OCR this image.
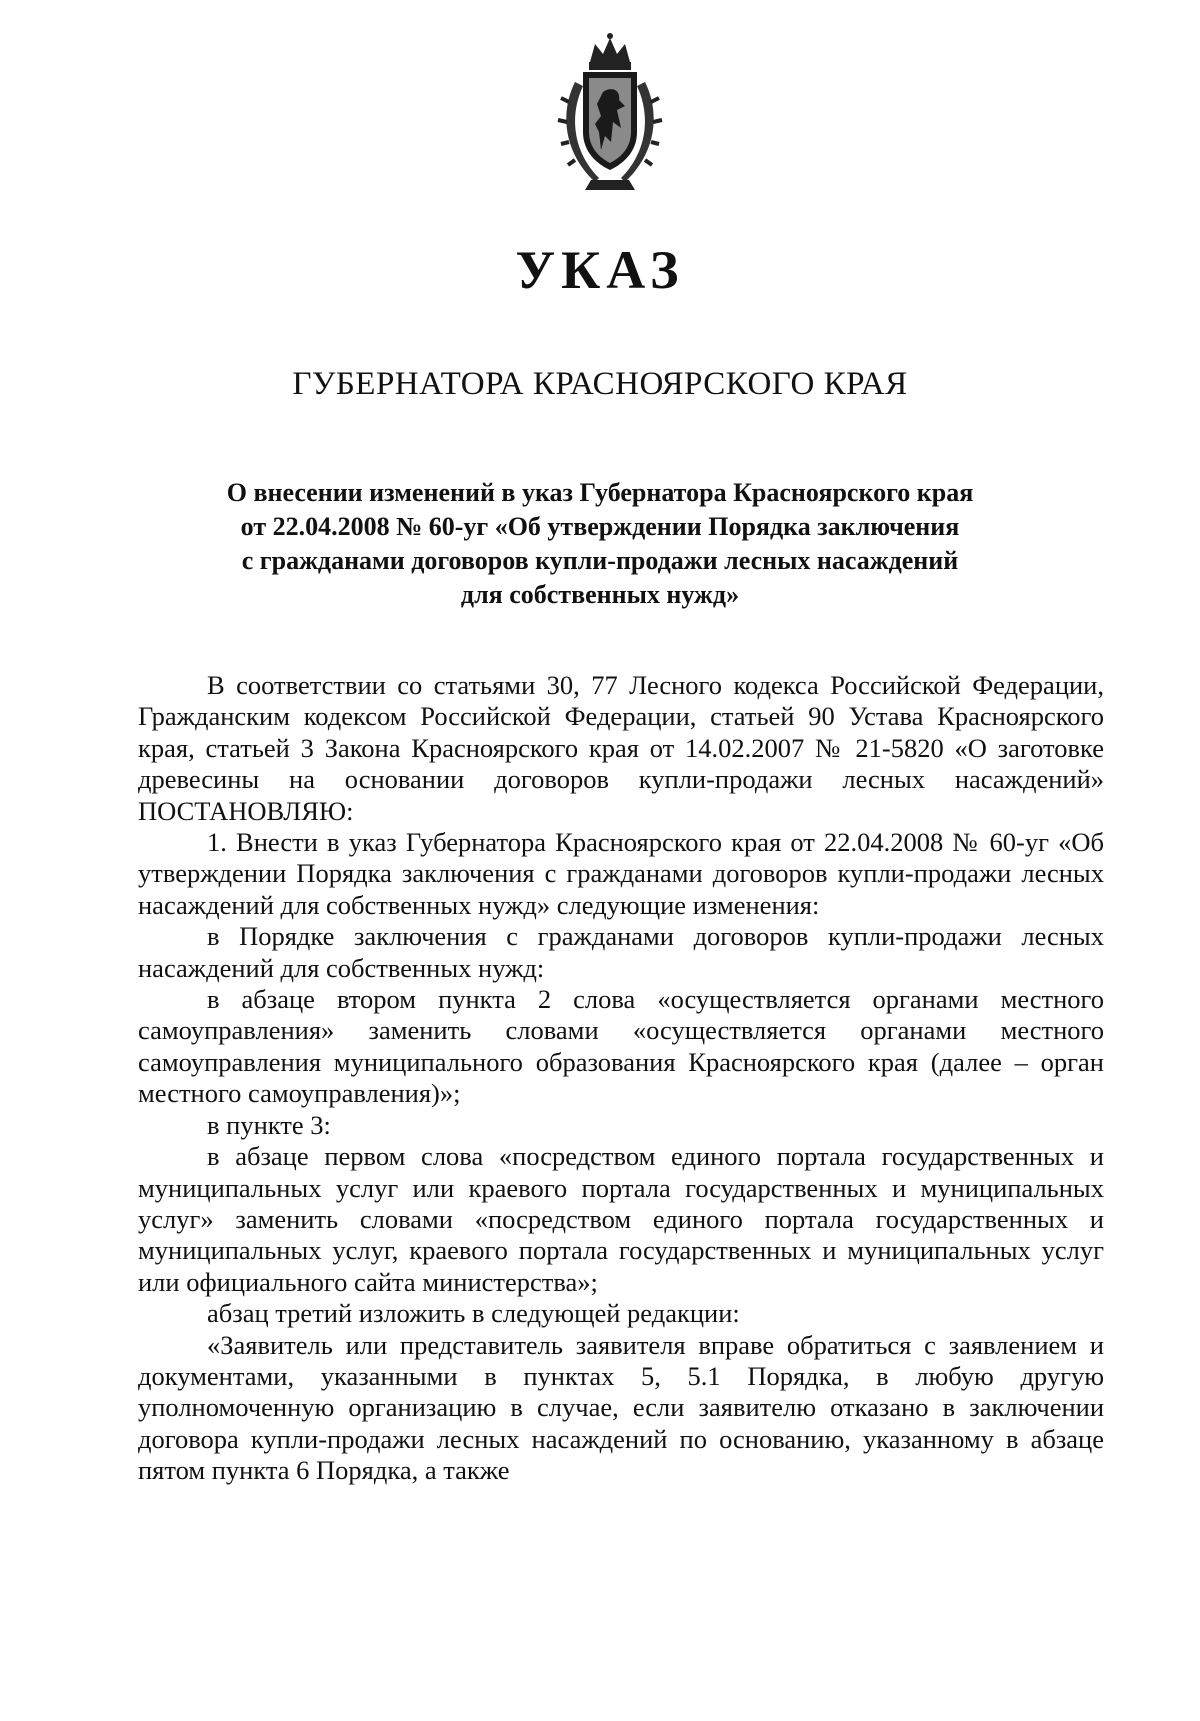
УКАЗ
ГУБЕРНАТОРА КРАСНОЯРСКОГО КРАЯ
О внесении изменений в указ Губернатора Красноярского края
от 22.04.2008 № 60-уг «Об утверждении Порядка заключения
с гражданами договоров купли-продажи лесных насаждений
для собственных нужд»

В соответствии со статьями 30, 77 Лесного кодекса Российской Федерации, Гражданским кодексом Российской Федерации, статьей 90 Устава Красноярского края, статьей 3 Закона Красноярского края от 14.02.2007 № 21-5820 «О заготовке древесины на основании договоров купли-продажи лесных насаждений» ПОСТАНОВЛЯЮ:

1. Внести в указ Губернатора Красноярского края от 22.04.2008 № 60-уг «Об утверждении Порядка заключения с гражданами договоров купли-продажи лесных насаждений для собственных нужд» следующие изменения:

в Порядке заключения с гражданами договоров купли-продажи лесных насаждений для собственных нужд:

в абзаце втором пункта 2 слова «осуществляется органами местного самоуправления» заменить словами «осуществляется органами местного самоуправления муниципального образования Красноярского края (далее – орган местного самоуправления)»;

в пункте 3:

в абзаце первом слова «посредством единого портала государственных и муниципальных услуг или краевого портала государственных и муниципальных услуг» заменить словами «посредством единого портала государственных и муниципальных услуг, краевого портала государственных и муниципальных услуг или официального сайта министерства»;

абзац третий изложить в следующей редакции:

«Заявитель или представитель заявителя вправе обратиться с заявлением и документами, указанными в пунктах 5, 5.1 Порядка, в любую другую уполномоченную организацию в случае, если заявителю отказано в заключении договора купли-продажи лесных насаждений по основанию, указанному в абзаце пятом пункта 6 Порядка, а также
